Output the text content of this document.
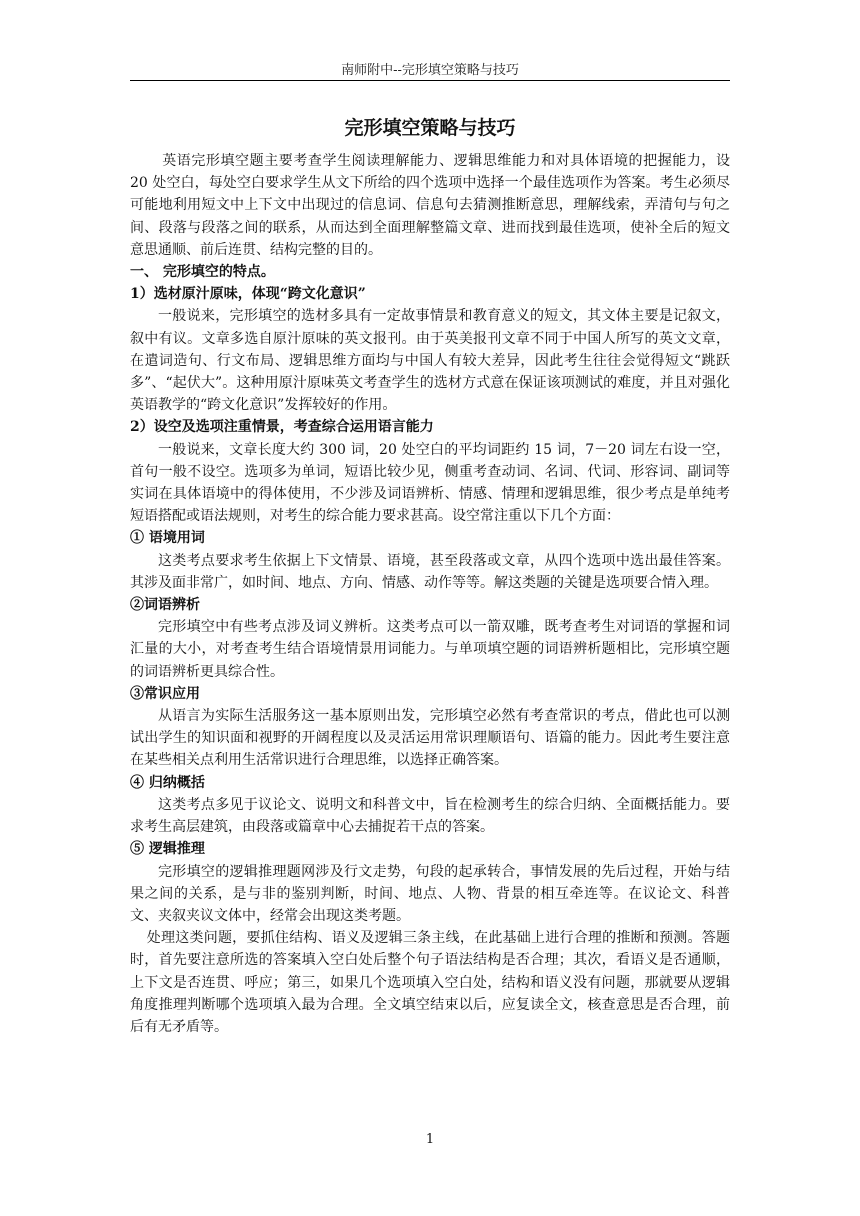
南师附中--完形填空策略与技巧
完形填空策略与技巧

英语完形填空题主要考查学生阅读理解能力、逻辑思维能力和对具体语境的把握能力，设 20 处空白，每处空白要求学生从文下所给的四个选项中选择一个最佳选项作为答案。考生必须尽可能地利用短文中上下文中出现过的信息词、信息句去猜测推断意思，理解线索，弄清句与句之间、段落与段落之间的联系，从而达到全面理解整篇文章、进而找到最佳选项，使补全后的短文意思通顺、前后连贯、结构完整的目的。

一、 完形填空的特点。

1）选材原汁原味，体现“跨文化意识”

一般说来，完形填空的选材多具有一定故事情景和教育意义的短文，其文体主要是记叙文，叙中有议。文章多选自原汁原味的英文报刊。由于英美报刊文章不同于中国人所写的英文文章，在遣词造句、行文布局、逻辑思维方面均与中国人有较大差异，因此考生往往会觉得短文“跳跃多”、“起伏大”。这种用原汁原味英文考查学生的选材方式意在保证该项测试的难度，并且对强化英语教学的“跨文化意识”发挥较好的作用。

2）设空及选项注重情景，考查综合运用语言能力

一般说来，文章长度大约 300 词，20 处空白的平均词距约 15 词，7－20 词左右设一空，首句一般不设空。选项多为单词，短语比较少见，侧重考查动词、名词、代词、形容词、副词等实词在具体语境中的得体使用，不少涉及词语辨析、情感、情理和逻辑思维，很少考点是单纯考短语搭配或语法规则，对考生的综合能力要求甚高。设空常注重以下几个方面：

① 语境用词

这类考点要求考生依据上下文情景、语境，甚至段落或文章，从四个选项中选出最佳答案。其涉及面非常广，如时间、地点、方向、情感、动作等等。解这类题的关键是选项要合情入理。

②词语辨析

完形填空中有些考点涉及词义辨析。这类考点可以一箭双雕，既考查考生对词语的掌握和词汇量的大小，对考查考生结合语境情景用词能力。与单项填空题的词语辨析题相比，完形填空题的词语辨析更具综合性。

③常识应用

从语言为实际生活服务这一基本原则出发，完形填空必然有考查常识的考点，借此也可以测试出学生的知识面和视野的开阔程度以及灵活运用常识理顺语句、语篇的能力。因此考生要注意在某些相关点利用生活常识进行合理思维，以选择正确答案。

④ 归纳概括

这类考点多见于议论文、说明文和科普文中，旨在检测考生的综合归纳、全面概括能力。要求考生高层建筑，由段落或篇章中心去捕捉若干点的答案。

⑤ 逻辑推理

完形填空的逻辑推理题网涉及行文走势，句段的起承转合，事情发展的先后过程，开始与结果之间的关系，是与非的鉴别判断，时间、地点、人物、背景的相互牵连等。在议论文、科普文、夹叙夹议文体中，经常会出现这类考题。

处理这类问题，要抓住结构、语义及逻辑三条主线，在此基础上进行合理的推断和预测。答题时，首先要注意所选的答案填入空白处后整个句子语法结构是否合理；其次，看语义是否通顺，上下文是否连贯、呼应；第三，如果几个选项填入空白处，结构和语义没有问题，那就要从逻辑角度推理判断哪个选项填入最为合理。全文填空结束以后，应复读全文，核查意思是否合理，前后有无矛盾等。

1
